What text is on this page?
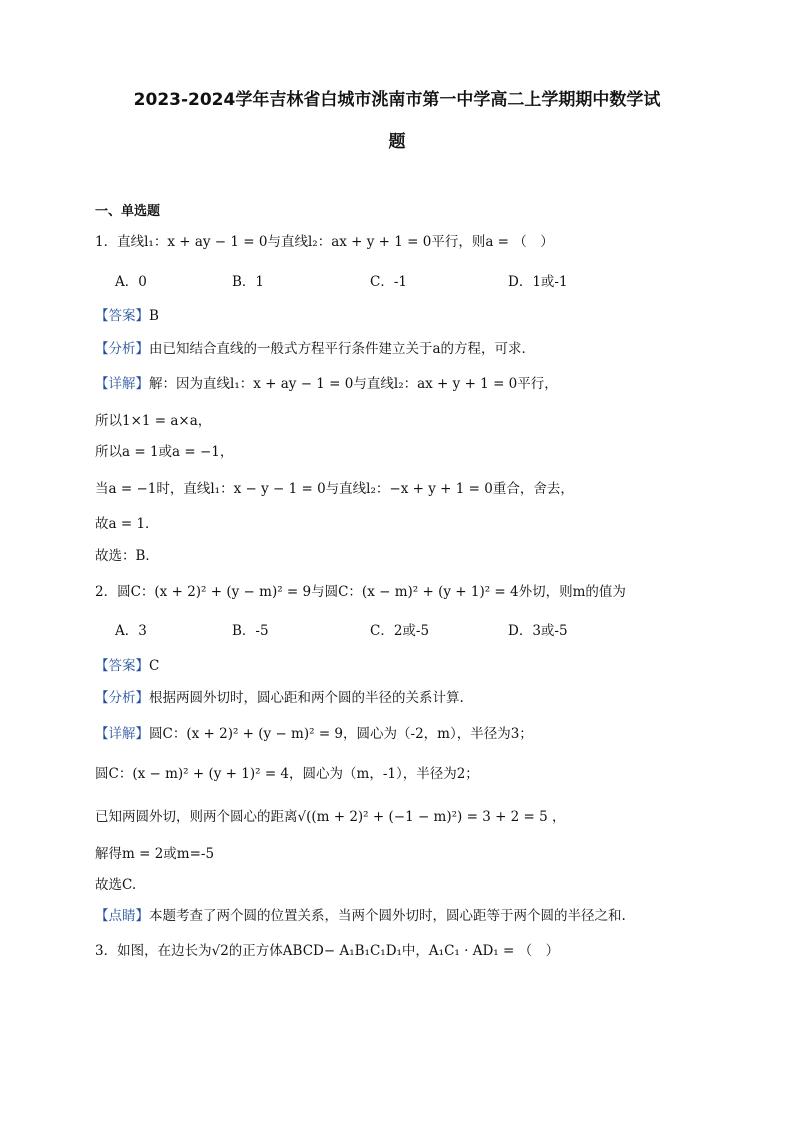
2023-2024学年吉林省白城市洮南市第一中学高二上学期期中数学试
题
一、单选题
1．直线l₁：x + ay − 1 = 0与直线l₂：ax + y + 1 = 0平行，则a = （　）
A．0	B．1	C．-1	D．1或-1
【答案】B
【分析】由已知结合直线的一般式方程平行条件建立关于a的方程，可求．
【详解】解：因为直线l₁：x + ay − 1 = 0与直线l₂：ax + y + 1 = 0平行，
所以1×1 = a×a，
所以a = 1或a = −1，
当a = −1时，直线l₁：x − y − 1 = 0与直线l₂：−x + y + 1 = 0重合，舍去，
故a = 1．
故选：B．
2．圆C：(x + 2)² + (y − m)² = 9与圆C：(x − m)² + (y + 1)² = 4外切，则m的值为
A．3	B．-5	C．2或-5	D．3或-5
【答案】C
【分析】根据两圆外切时，圆心距和两个圆的半径的关系计算.
【详解】圆C：(x + 2)² + (y − m)² = 9，圆心为（-2，m），半径为3；
圆C：(x − m)² + (y + 1)² = 4，圆心为（m，-1），半径为2；
已知两圆外切，则两个圆心的距离√((m + 2)² + (−1 − m)²) = 3 + 2 = 5 ，
解得m = 2或m=-5
故选C.
【点睛】本题考查了两个圆的位置关系，当两个圆外切时，圆心距等于两个圆的半径之和.
3．如图，在边长为√2的正方体ABCD− A₁B₁C₁D₁中，A₁C₁ · AD₁ = （　）
